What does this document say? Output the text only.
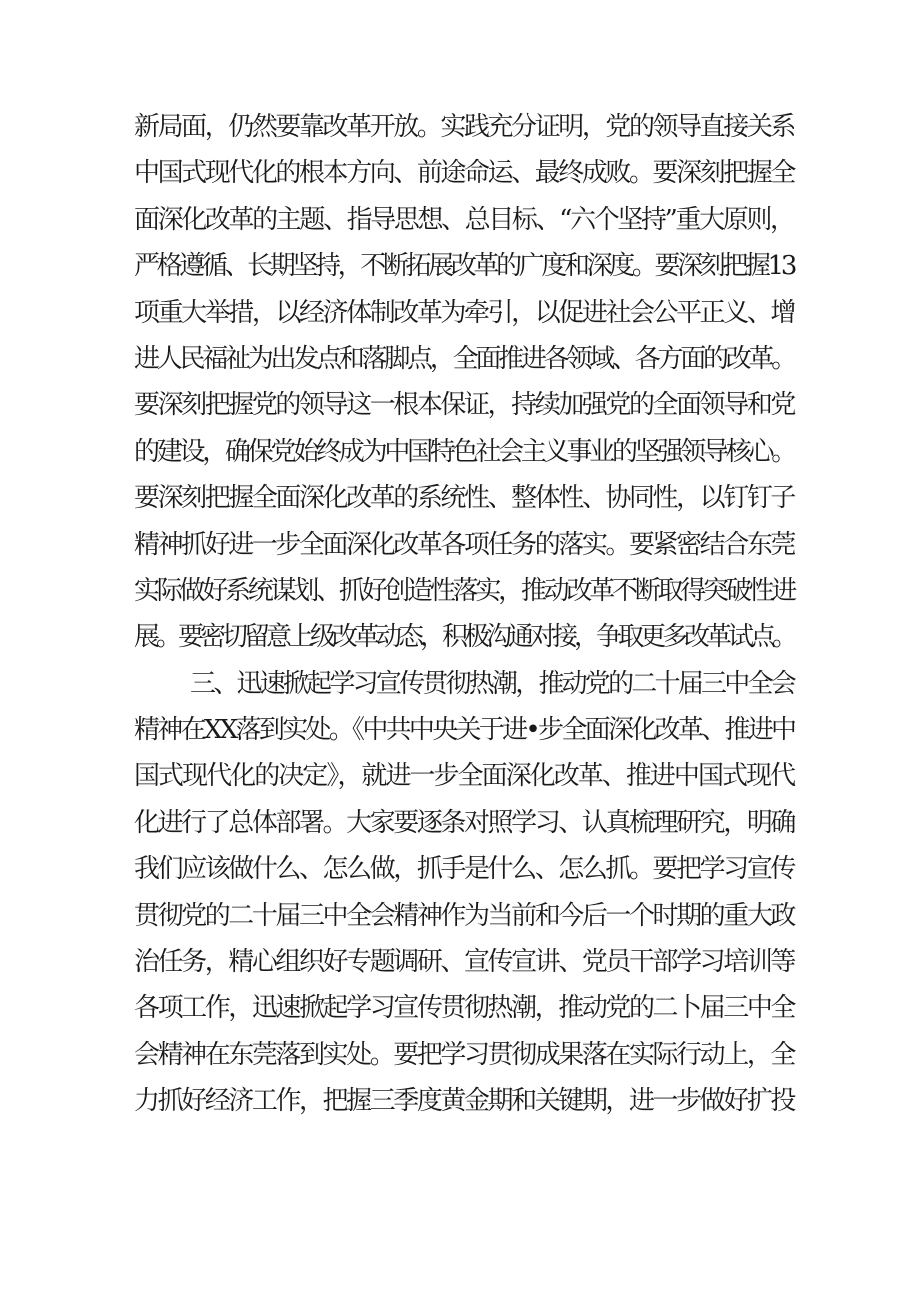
新局面，仍然要靠改革开放。实践充分证明，党的领导直接关系
中国式现代化的根本方向、前途命运、最终成败。要深刻把握全
面深化改革的主题、指导思想、总目标、“六个坚持”重大原则，
严格遵循、长期坚持，不断拓展改革的广度和深度。要深刻把握13
项重大举措，以经济体制改革为牵引，以促进社会公平正义、增
进人民福祉为出发点和落脚点，全面推进各领域、各方面的改革。
要深刻把握党的领导这一根本保证，持续加强党的全面领导和党
的建设，确保党始终成为中国特色社会主义事业的坚强领导核心。
要深刻把握全面深化改革的系统性、整体性、协同性，以钉钉子
精神抓好进一步全面深化改革各项任务的落实。要紧密结合东莞
实际做好系统谋划、抓好创造性落实，推动改革不断取得突破性进
展。要密切留意上级改革动态，积极沟通对接，争取更多改革试点。
三、迅速掀起学习宣传贯彻热潮，推动党的二十届三中全会
精神在XX落到实处。《中共中央关于进•步全面深化改革、推进中
国式现代化的决定》，就进一步全面深化改革、推进中国式现代
化进行了总体部署。大家要逐条对照学习、认真梳理研究，明确
我们应该做什么、怎么做，抓手是什么、怎么抓。要把学习宣传
贯彻党的二十届三中全会精神作为当前和今后一个时期的重大政
治任务，精心组织好专题调研、宣传宣讲、党员干部学习培训等
各项工作，迅速掀起学习宣传贯彻热潮，推动党的二卜届三中全
会精神在东莞落到实处。要把学习贯彻成果落在实际行动上，全
力抓好经济工作，把握三季度黄金期和关键期，进一步做好扩投
